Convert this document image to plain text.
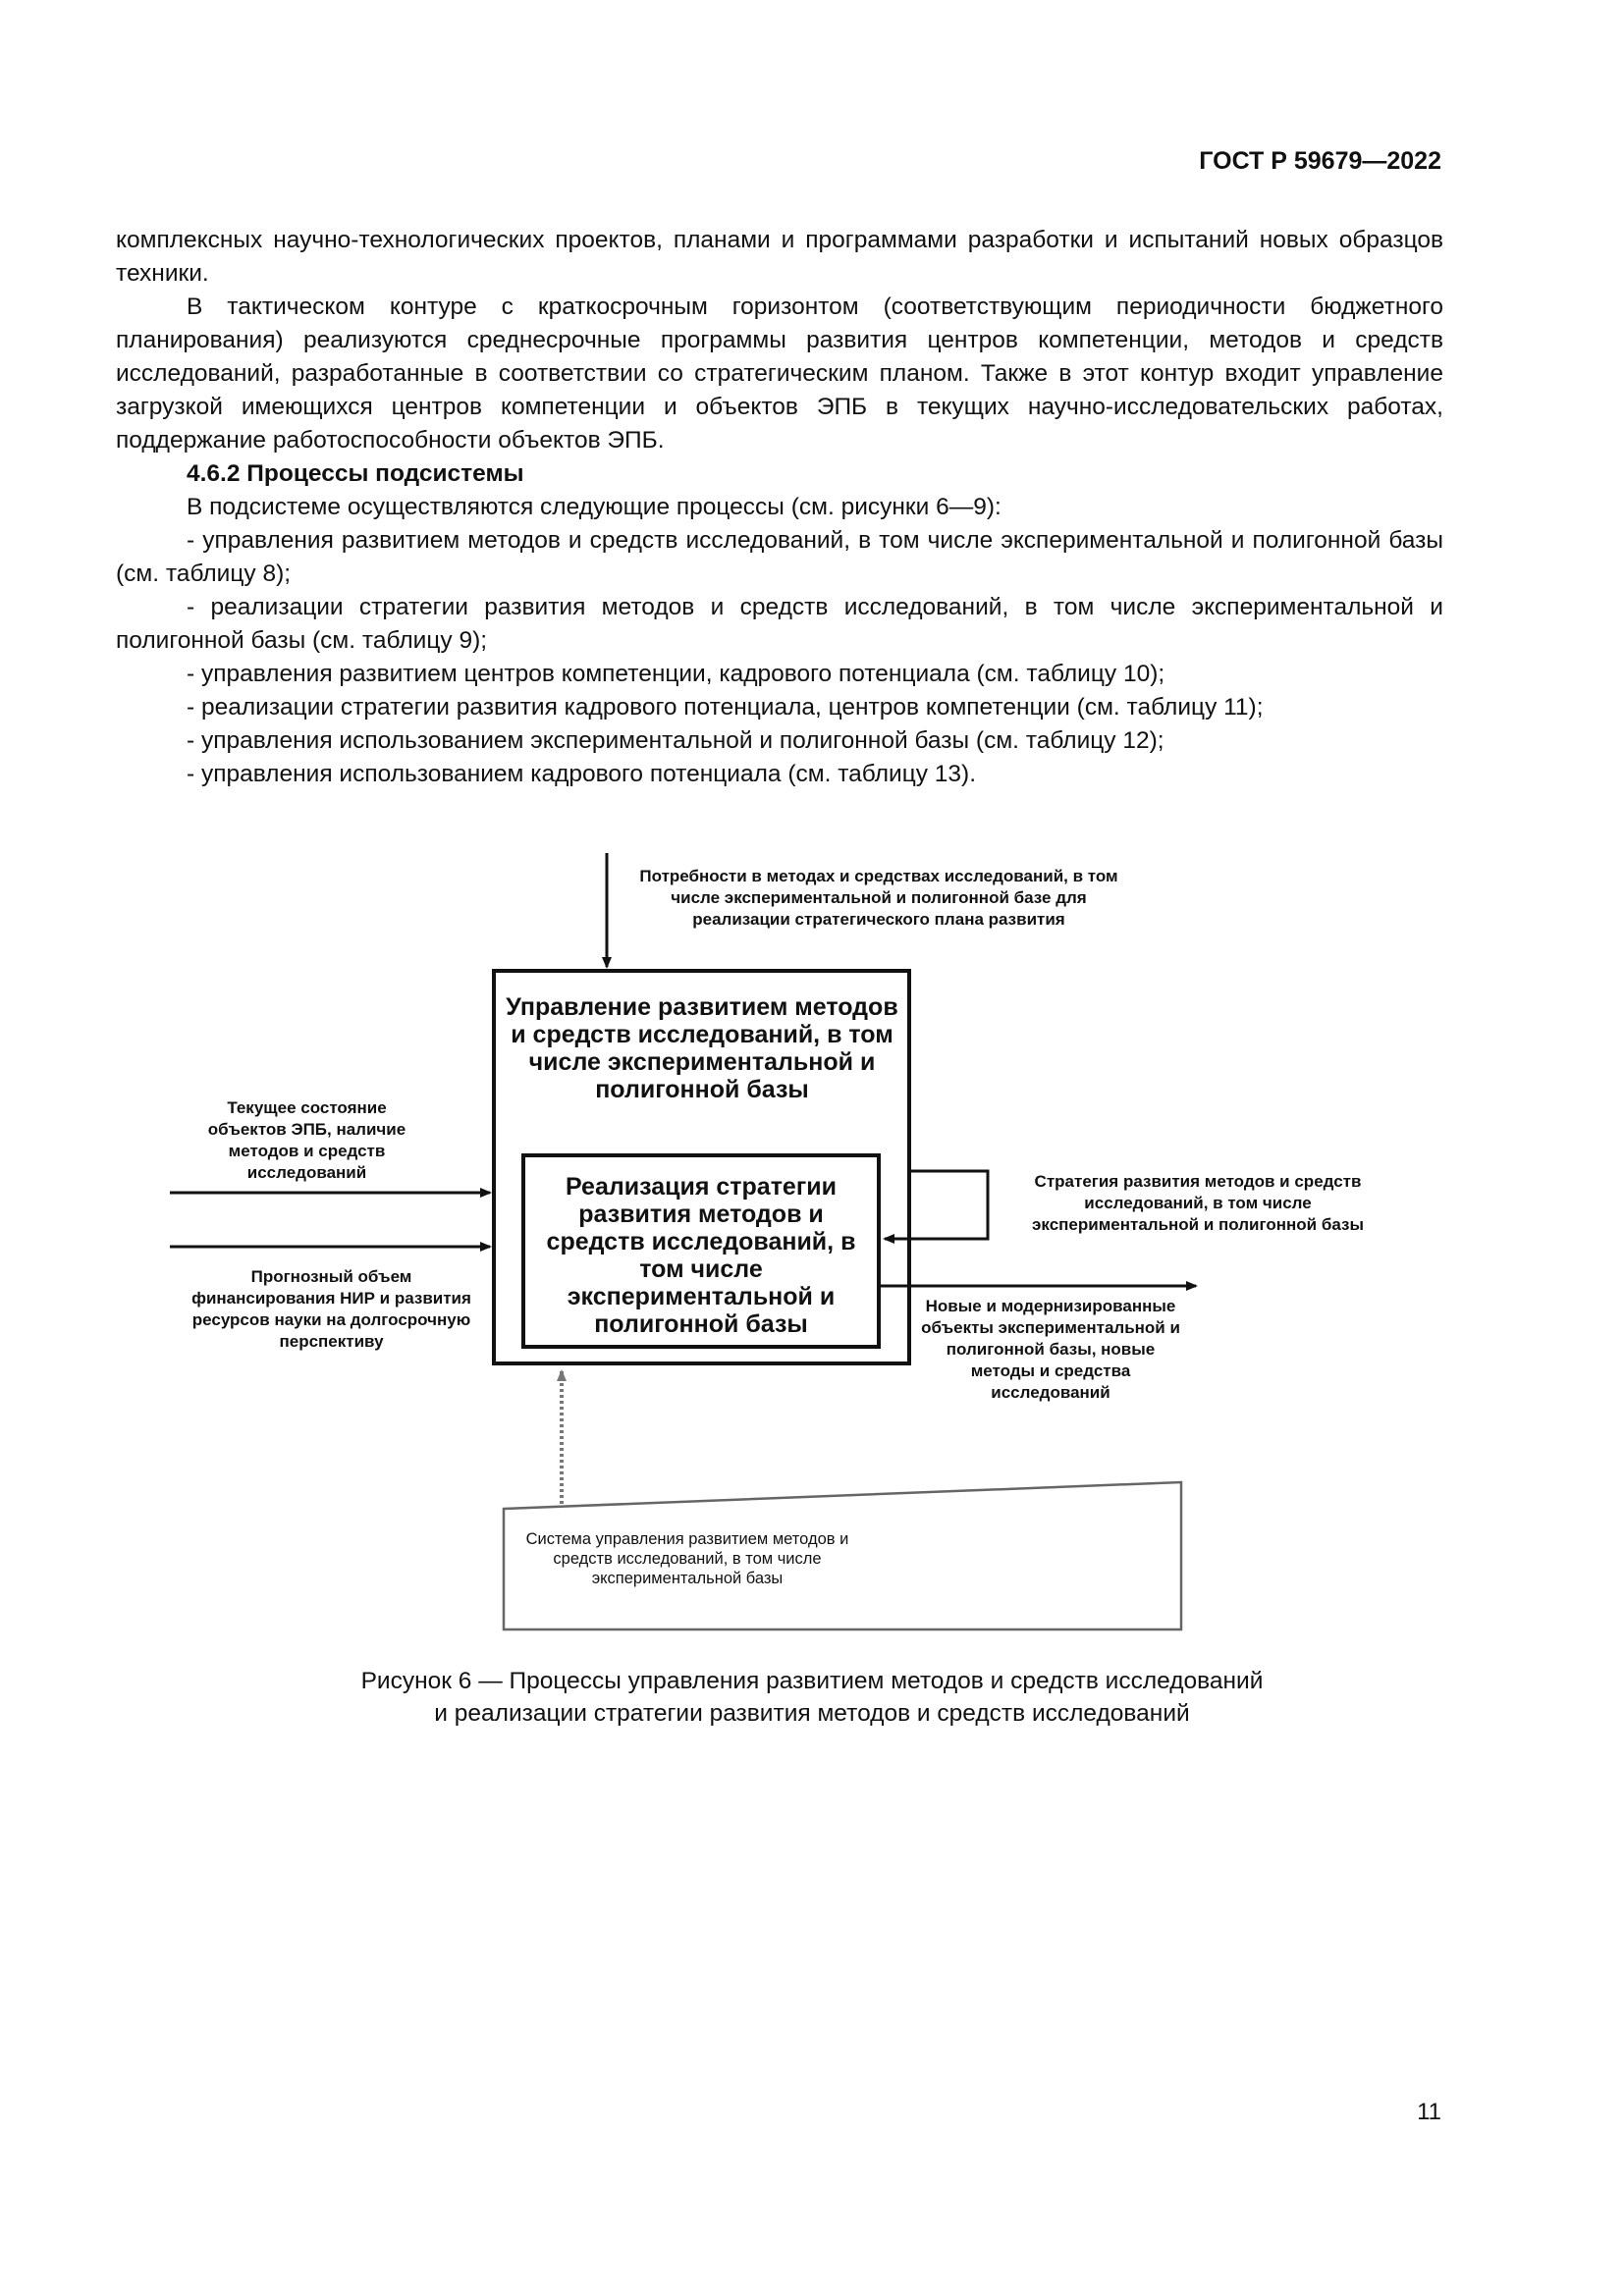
ГОСТ Р 59679—2022

комплексных научно-технологических проектов, планами и программами разработки и испытаний новых образцов техники.

В тактическом контуре с краткосрочным горизонтом (соответствующим периодичности бюджетного планирования) реализуются среднесрочные программы развития центров компетенции, методов и средств исследований, разработанные в соответствии со стратегическим планом. Также в этот контур входит управление загрузкой имеющихся центров компетенции и объектов ЭПБ в текущих научно-исследовательских работах, поддержание работоспособности объектов ЭПБ.

4.6.2 Процессы подсистемы

В подсистеме осуществляются следующие процессы (см. рисунки 6—9):

- управления развитием методов и средств исследований, в том числе экспериментальной и полигонной базы (см. таблицу 8);

- реализации стратегии развития методов и средств исследований, в том числе экспериментальной и полигонной базы (см. таблицу 9);

- управления развитием центров компетенции, кадрового потенциала (см. таблицу 10);

- реализации стратегии развития кадрового потенциала, центров компетенции (см. таблицу 11);

- управления использованием экспериментальной и полигонной базы (см. таблицу 12);

- управления использованием кадрового потенциала (см. таблицу 13).

Потребности в методах и средствах исследований, в том числе экспериментальной и полигонной базе для реализации стратегического плана развития
Управление развитием методов и средств исследований, в том числе экспериментальной и полигонной базы
Реализация стратегии развития методов и средств исследований, в том числе экспериментальной и полигонной базы
Текущее состояние объектов ЭПБ, наличие методов и средств исследований
Прогнозный объем финансирования НИР и развития ресурсов науки на долгосрочную перспективу
Стратегия развития методов и средств исследований, в том числе экспериментальной и полигонной базы
Новые и модернизированные объекты экспериментальной и полигонной базы, новые методы и средства исследований
Система управления развитием методов и средств исследований, в том числе экспериментальной базы
Рисунок 6 — Процессы управления развитием методов и средств исследований
и реализации стратегии развития методов и средств исследований
11
